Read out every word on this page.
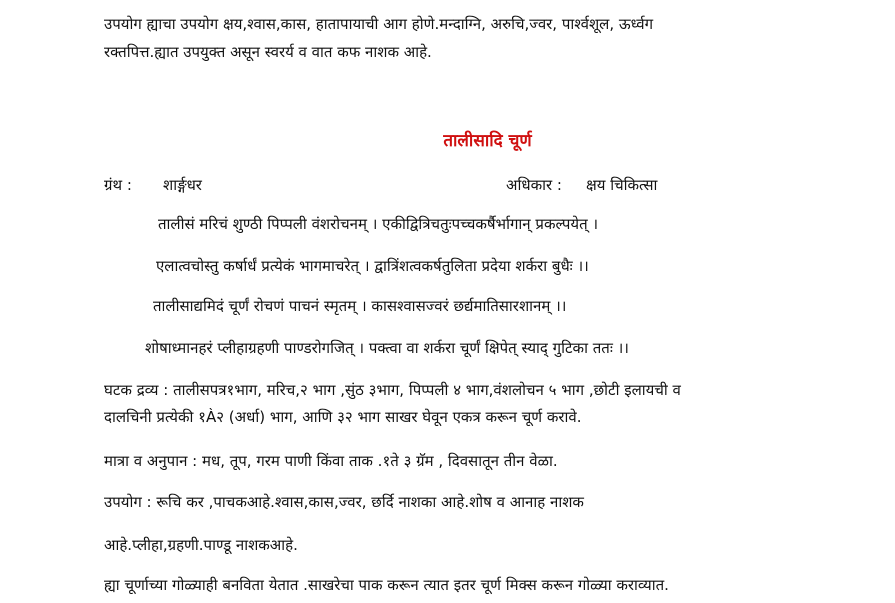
उपयोग ह्याचा उपयोग क्षय,श्वास,कास, हातापायाची आग होणे.मन्दाग्नि, अरुचि,ज्वर, पार्श्वशूल, ऊर्ध्वग
रक्तपित्त.ह्यात उपयुक्त असून स्वरर्य व वात कफ नाशक आहे.
तालीसादि चूर्ण
ग्रंथ : शार्ङ्गधर	अधिकार : क्षय चिकित्सा
तालीसं मरिचं शुण्ठी पिप्पली वंशरोचनम् । एकीद्वित्रिचतुःपच्चकर्षैर्भागान् प्रकल्पयेत् ।
एलात्वचोस्तु कर्षार्धं प्रत्येकं भागमाचरेत् । द्वात्रिंशत्वकर्षतुलिता प्रदेया शर्करा बुधैः ।।
तालीसाद्यमिदं चूर्णं रोचणं पाचनं स्मृतम् । कासश्वासज्वरं छर्द्यमातिसारशानम् ।।
शोषाध्मानहरं प्लीहाग्रहणी पाण्डरोगजित् । पक्त्वा वा शर्करा चूर्णं क्षिपेत् स्याद् गुटिका ततः ।।
घटक द्रव्य : तालीसपत्र१भाग, मरिच,२ भाग ,सुंठ ३भाग, पिप्पली ४ भाग,वंशलोचन ५ भाग ,छोटी इलायची व
दालचिनी प्रत्येकी १À२ (अर्धा) भाग, आणि ३२ भाग साखर घेवून एकत्र करून चूर्ण करावे.
मात्रा व अनुपान : मध, तूप, गरम पाणी किंवा ताक .१ते ३ ग्रॅम , दिवसातून तीन वेळा.
उपयोग : रूचि कर ,पाचकआहे.श्वास,कास,ज्वर, छर्दि नाशका आहे.शोष व आनाह नाशक
आहे.प्लीहा,ग्रहणी.पाण्डू नाशकआहे.
ह्या चूर्णाच्या गोळ्याही बनविता येतात .साखरेचा पाक करून त्यात इतर चूर्ण मिक्स करून गोळ्या कराव्यात.
